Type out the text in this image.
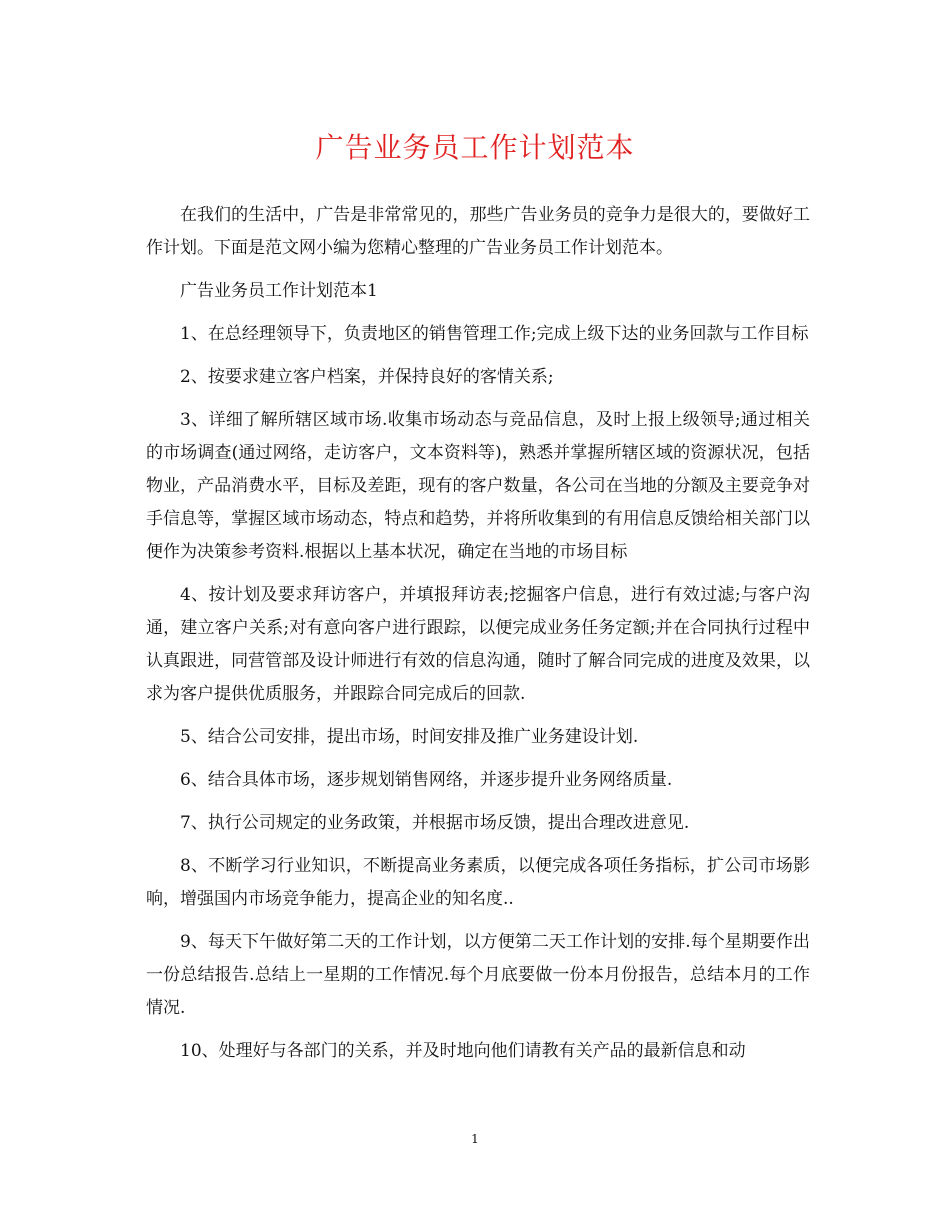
广告业务员工作计划范本

在我们的生活中，广告是非常常见的，那些广告业务员的竞争力是很大的，要做好工作计划。下面是范文网小编为您精心整理的广告业务员工作计划范本。

广告业务员工作计划范本1

1、在总经理领导下，负责地区的销售管理工作;完成上级下达的业务回款与工作目标

2、按要求建立客户档案，并保持良好的客情关系;

3、详细了解所辖区域市场.收集市场动态与竞品信息，及时上报上级领导;通过相关的市场调查(通过网络，走访客户，文本资料等)，熟悉并掌握所辖区域的资源状况，包括物业，产品消费水平，目标及差距，现有的客户数量，各公司在当地的分额及主要竞争对手信息等，掌握区域市场动态，特点和趋势，并将所收集到的有用信息反馈给相关部门以便作为决策参考资料.根据以上基本状况，确定在当地的市场目标

4、按计划及要求拜访客户，并填报拜访表;挖掘客户信息，进行有效过滤;与客户沟通，建立客户关系;对有意向客户进行跟踪，以便完成业务任务定额;并在合同执行过程中认真跟进，同营管部及设计师进行有效的信息沟通，随时了解合同完成的进度及效果，以求为客户提供优质服务，并跟踪合同完成后的回款.

5、结合公司安排，提出市场，时间安排及推广业务建设计划.

6、结合具体市场，逐步规划销售网络，并逐步提升业务网络质量.

7、执行公司规定的业务政策，并根据市场反馈，提出合理改进意见.

8、不断学习行业知识，不断提高业务素质，以便完成各项任务指标，扩公司市场影响，增强国内市场竞争能力，提高企业的知名度..

9、每天下午做好第二天的工作计划，以方便第二天工作计划的安排.每个星期要作出一份总结报告.总结上一星期的工作情况.每个月底要做一份本月份报告，总结本月的工作情况.

10、处理好与各部门的关系，并及时地向他们请教有关产品的最新信息和动

1
